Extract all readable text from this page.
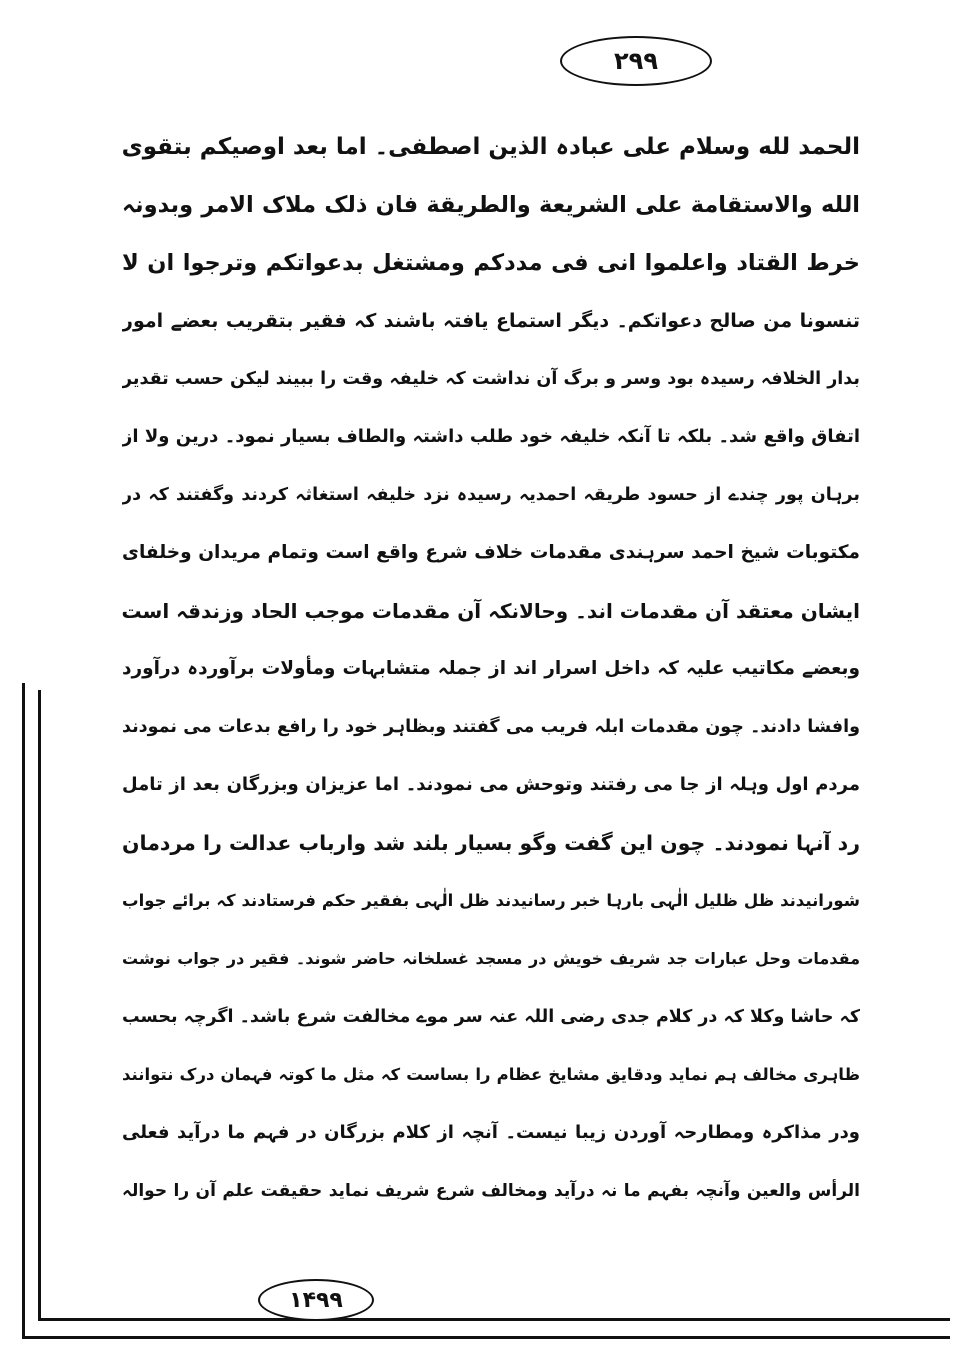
۲۹۹
۱۴۹۹
الحمد لله وسلام علی عبادہ الذین اصطفی۔ اما بعد اوصیکم بتقوی
الله والاستقامة علی الشریعة والطریقة فان ذلک ملاک الامر وبدونہ
خرط القتاد واعلموا انی فی مددکم ومشتغل بدعواتکم وترجوا ان لا
تنسونا من صالح دعواتکم۔ دیگر استماع یافتہ باشند کہ فقیر بتقریب بعضے امور
بدار الخلافہ رسیدہ بود وسر و برگ آن نداشت کہ خلیفہ وقت را ببیند لیکن حسب تقدیر
اتفاق واقع شد۔ بلکہ تا آنکہ خلیفہ خود طلب داشتہ والطاف بسیار نمود۔ درین ولا از
برہان پور چندے از حسود طریقہ احمدیہ رسیدہ نزد خلیفہ استغاثہ کردند وگفتند کہ در
مکتوبات شیخ احمد سرہندی مقدمات خلاف شرع واقع است وتمام مریدان وخلفای
ایشان معتقد آن مقدمات اند۔ وحالانکہ آن مقدمات موجب الحاد وزندقہ است
وبعضے مکاتیب علیہ کہ داخل اسرار اند از جملہ متشابہات ومأولات برآوردہ درآورد
وافشا دادند۔ چون مقدمات ابلہ فریب می گفتند وبظاہر خود را رافع بدعات می نمودند
مردم اول وہلہ از جا می رفتند وتوحش می نمودند۔ اما عزیزان وبزرگان بعد از تامل
رد آنہا نمودند۔ چون این گفت وگو بسیار بلند شد وارباب عدالت را مردمان
شورانیدند ظل ظلیل الٰہی بارہا خبر رسانیدند ظل الٰہی بفقیر حکم فرستادند کہ برائے جواب
مقدمات وحل عبارات جد شریف خویش در مسجد غسلخانہ حاضر شوند۔ فقیر در جواب نوشت
کہ حاشا وکلا کہ در کلام جدی رضی اللہ عنہ سر موے مخالفت شرع باشد۔ اگرچہ بحسب
ظاہری مخالف ہم نماید ودقایق مشایخ عظام را بساست کہ مثل ما کوتہ فہمان درک نتوانند
ودر مذاکرہ ومطارحہ آوردن زیبا نیست۔ آنچہ از کلام بزرگان در فہم ما درآید فعلی
الرأس والعین وآنچہ بفہم ما نہ درآید ومخالف شرع شریف نماید حقیقت علم آن را حوالہ
